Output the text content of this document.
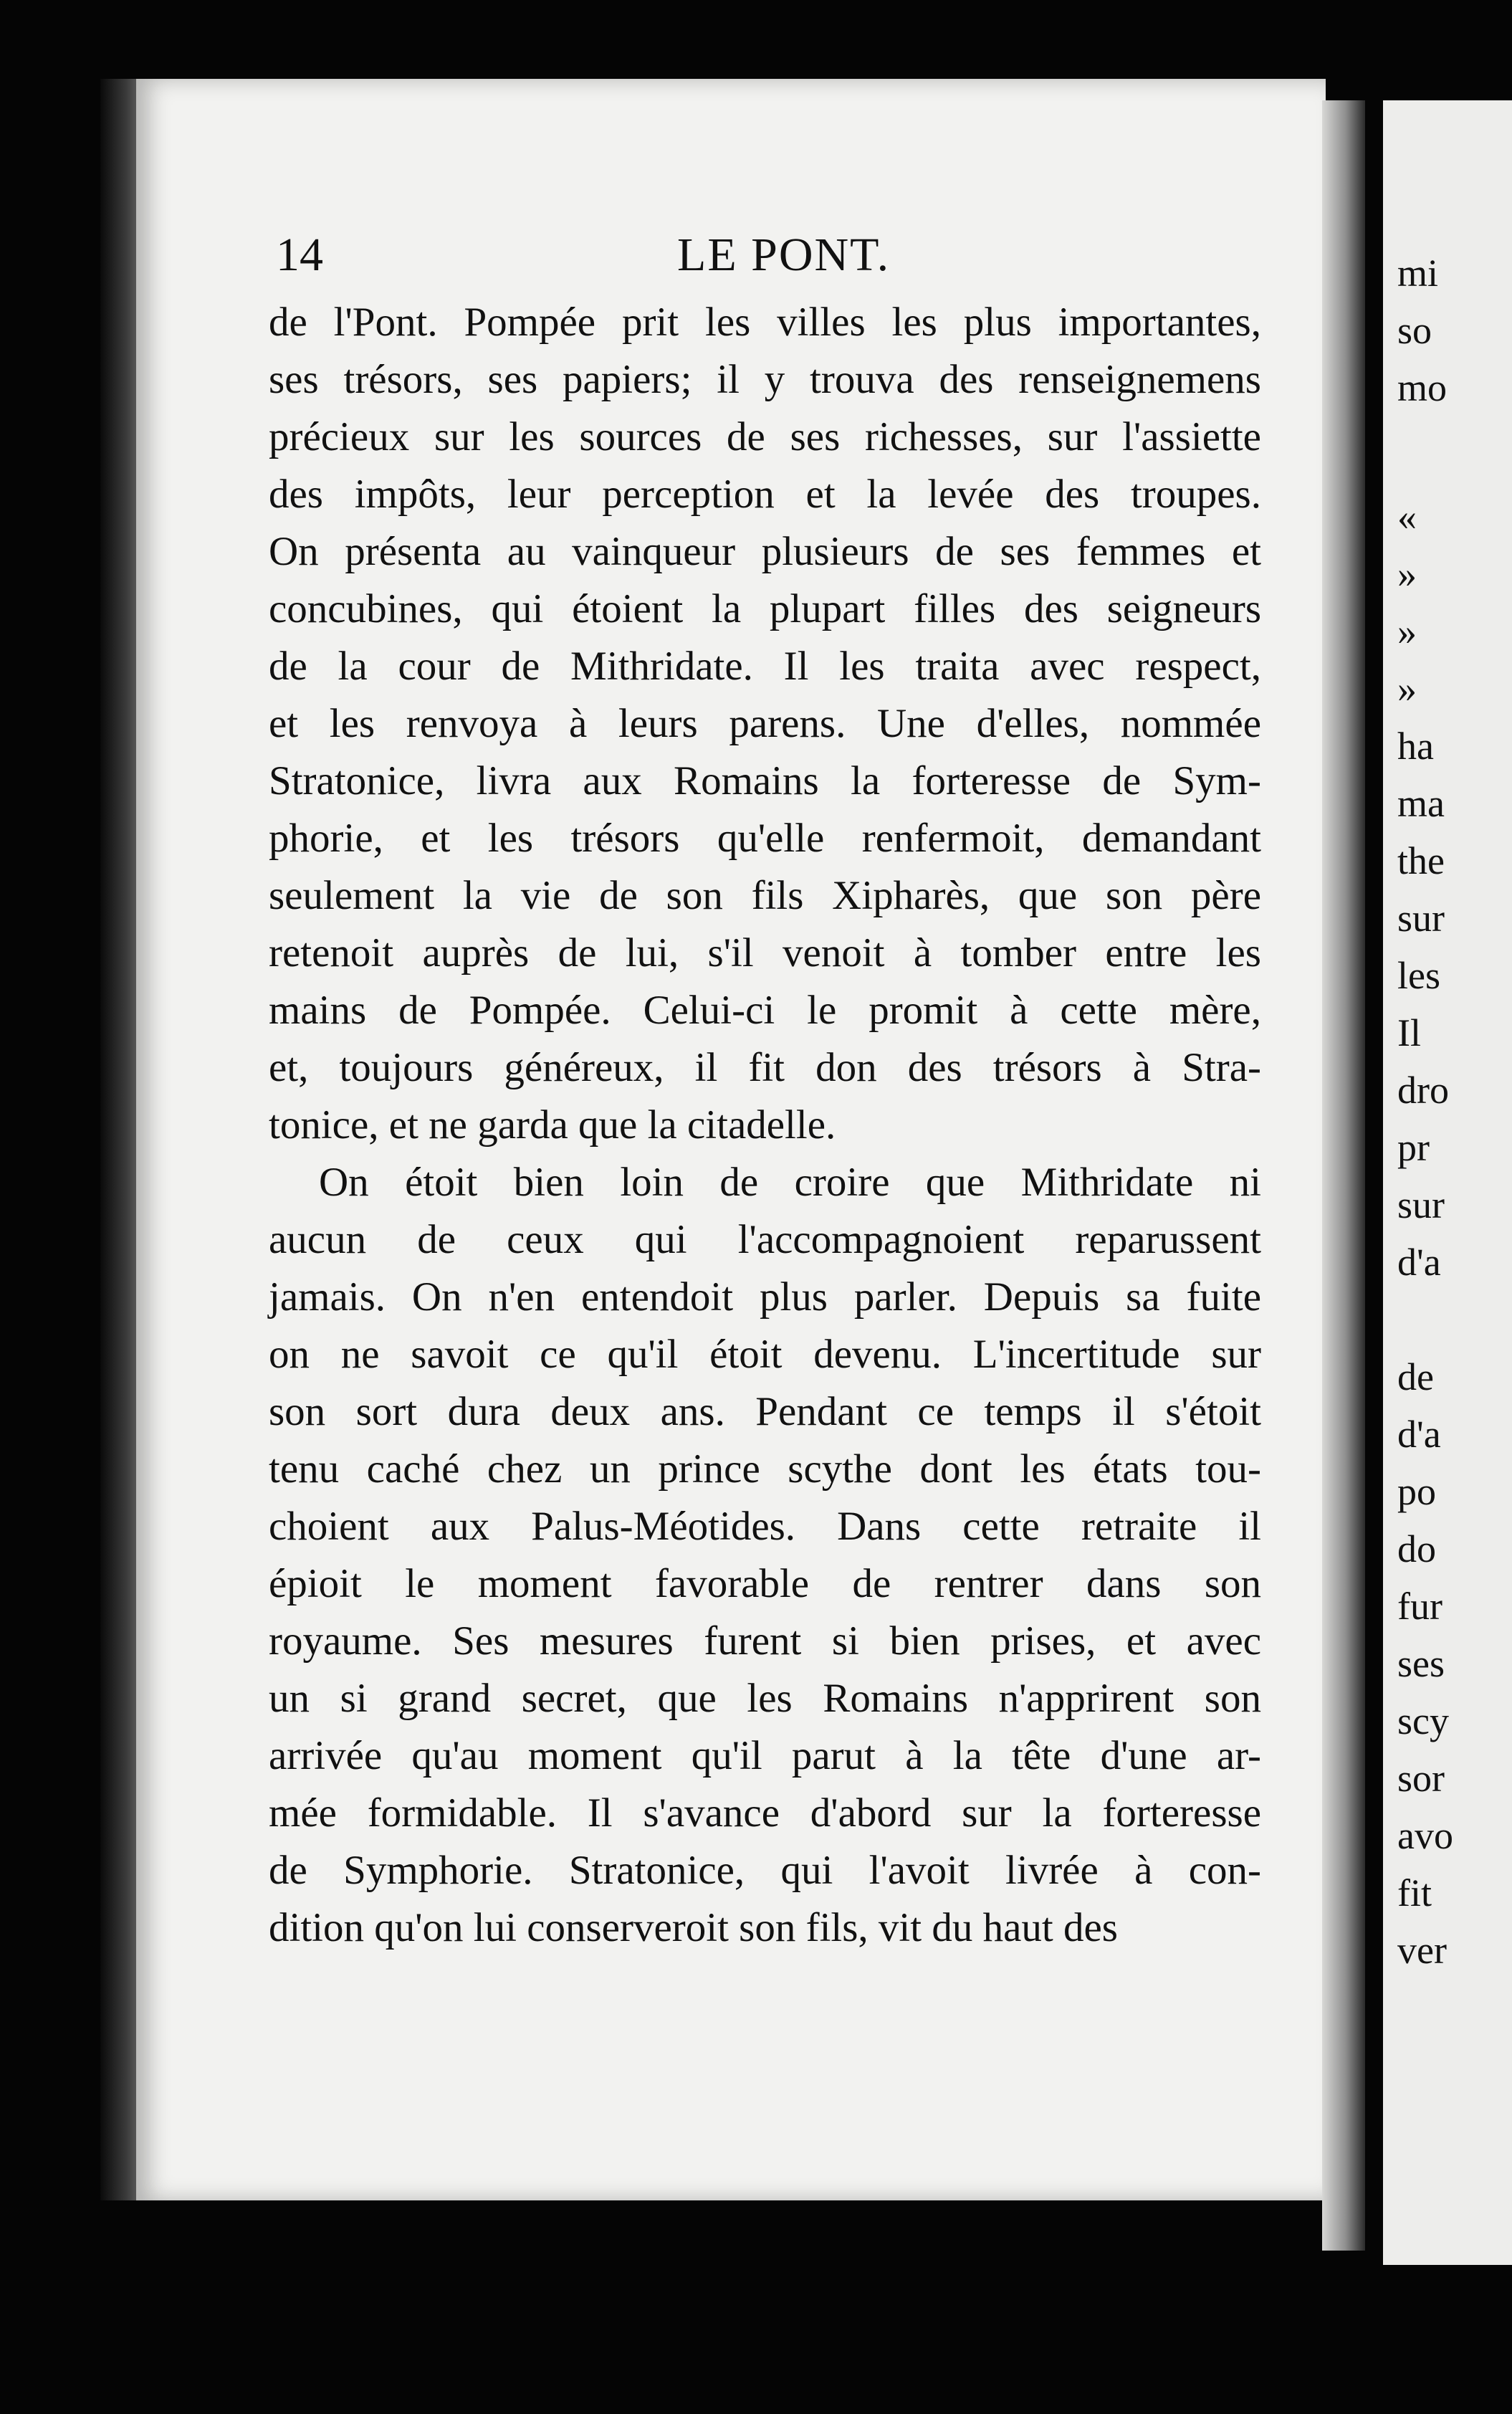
mi
so
mo
«
»
»
»
ha
ma
the
sur
les
Il
dro
pr
sur
d'a
de
d'a
po
do
fur
ses
scy
sor
avo
fit
ver
14	LE PONT.
de l'Pont. Pompée prit les villes les plus importantes,
ses trésors, ses papiers; il y trouva des renseignemens
précieux sur les sources de ses richesses, sur l'assiette
des impôts, leur perception et la levée des troupes.
On présenta au vainqueur plusieurs de ses femmes et
concubines, qui étoient la plupart filles des seigneurs
de la cour de Mithridate. Il les traita avec respect,
et les renvoya à leurs parens. Une d'elles, nommée
Stratonice, livra aux Romains la forteresse de Sym-
phorie, et les trésors qu'elle renfermoit, demandant
seulement la vie de son fils Xipharès, que son père
retenoit auprès de lui, s'il venoit à tomber entre les
mains de Pompée. Celui-ci le promit à cette mère,
et, toujours généreux, il fit don des trésors à Stra-
tonice, et ne garda que la citadelle.
On étoit bien loin de croire que Mithridate ni
aucun de ceux qui l'accompagnoient reparussent
jamais. On n'en entendoit plus parler. Depuis sa fuite
on ne savoit ce qu'il étoit devenu. L'incertitude sur
son sort dura deux ans. Pendant ce temps il s'étoit
tenu caché chez un prince scythe dont les états tou-
choient aux Palus-Méotides. Dans cette retraite il
épioit le moment favorable de rentrer dans son
royaume. Ses mesures furent si bien prises, et avec
un si grand secret, que les Romains n'apprirent son
arrivée qu'au moment qu'il parut à la tête d'une ar-
mée formidable. Il s'avance d'abord sur la forteresse
de Symphorie. Stratonice, qui l'avoit livrée à con-
dition qu'on lui conserveroit son fils, vit du haut des
